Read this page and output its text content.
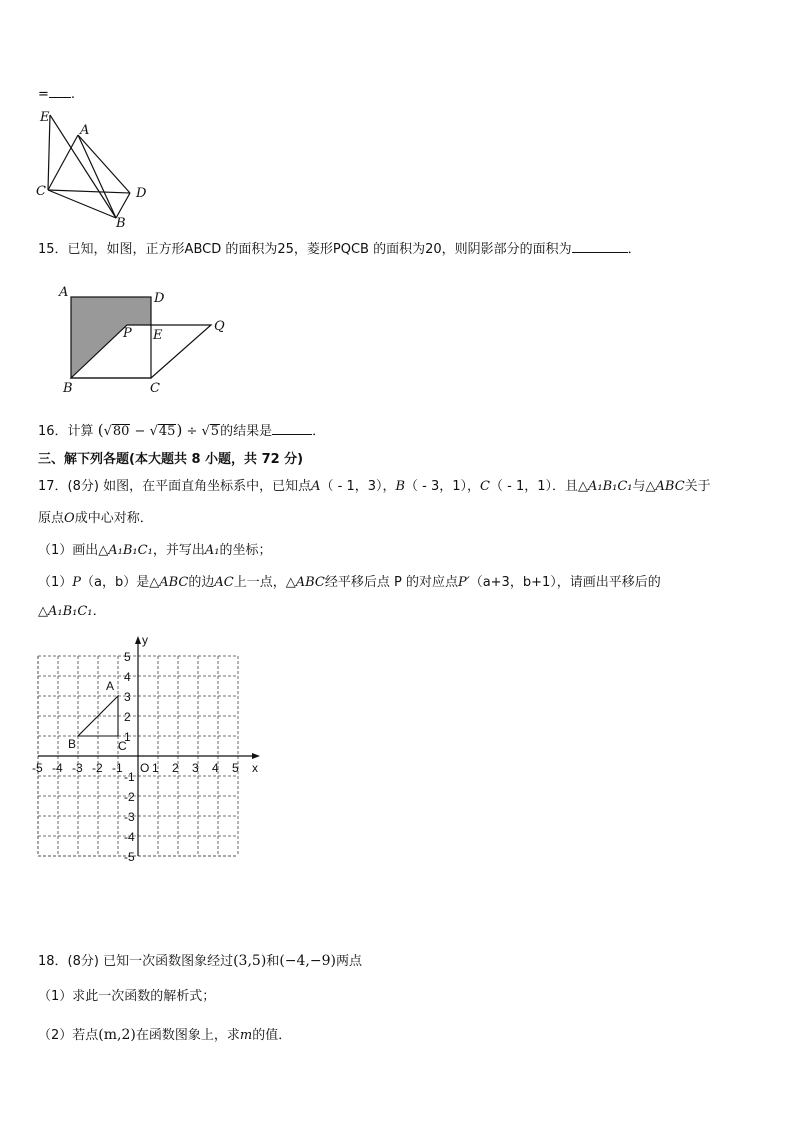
= .
E
A
C	D
B
15．已知，如图，正方形ABCD 的面积为25，菱形PQCB 的面积为20，则阴影部分的面积为	．
A	D
P E
Q
B	C
16．计算 (√80 − √45) ÷ √5的结果是	．
三、解下列各题(本大题共 8 小题，共 72 分)
17．(8分) 如图，在平面直角坐标系中，已知点A（ - 1，3），B（ - 3，1），C（ - 1，1）．且△A₁B₁C₁与△ABC关于
原点O成中心对称．
（1）画出△A₁B₁C₁，并写出A₁的坐标；
（1）P（a，b）是△ABC的边AC上一点，△ABC经平移后点 P 的对应点P′（a+3，b+1），请画出平移后的
△A₁B₁C₁．
x
y
O
-5 -4 -3 -2 -1 1 2 3 4 5
5
4
3
2
1
-1
-2
-3
-4
-5
A
B	C
18．(8分) 已知一次函数图象经过(3,5)和(−4,−9)两点
（1）求此一次函数的解析式；
（2）若点(m,2)在函数图象上，求m的值．
